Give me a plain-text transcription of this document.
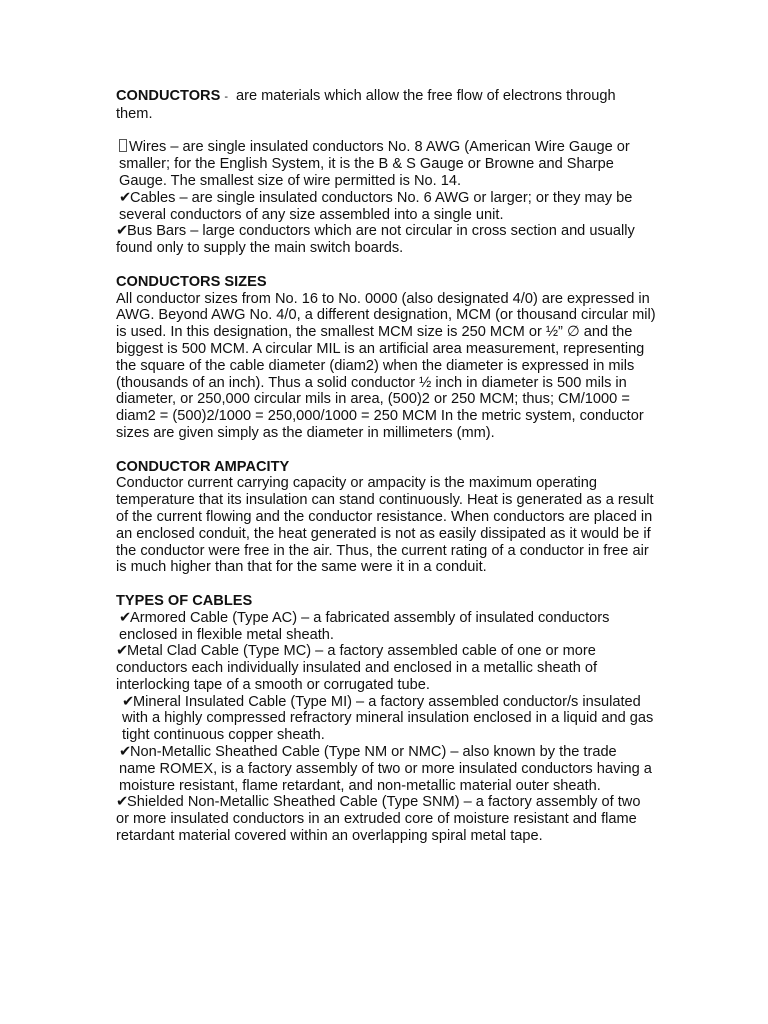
CONDUCTORS - are materials which allow the free flow of electrons through them.

Wires – are single insulated conductors No. 8 AWG (American Wire Gauge or smaller; for the English System, it is the B & S Gauge or Browne and Sharpe Gauge. The smallest size of wire permitted is No. 14.

✔Cables – are single insulated conductors No. 6 AWG or larger; or they may be several conductors of any size assembled into a single unit.

✔Bus Bars – large conductors which are not circular in cross section and usually found only to supply the main switch boards.

CONDUCTORS SIZES

All conductor sizes from No. 16 to No. 0000 (also designated 4/0) are expressed in AWG. Beyond AWG No. 4/0, a different designation, MCM (or thousand circular mil) is used. In this designation, the smallest MCM size is 250 MCM or ½” ∅ and the biggest is 500 MCM. A circular MIL is an artificial area measurement, representing the square of the cable diameter (diam2) when the diameter is expressed in mils (thousands of an inch). Thus a solid conductor ½ inch in diameter is 500 mils in diameter, or 250,000 circular mils in area, (500)2 or 250 MCM; thus; CM/1000 = diam2 = (500)2/1000 = 250,000/1000 = 250 MCM In the metric system, conductor sizes are given simply as the diameter in millimeters (mm).

CONDUCTOR AMPACITY

Conductor current carrying capacity or ampacity is the maximum operating temperature that its insulation can stand continuously. Heat is generated as a result of the current flowing and the conductor resistance. When conductors are placed in an enclosed conduit, the heat generated is not as easily dissipated as it would be if the conductor were free in the air. Thus, the current rating of a conductor in free air is much higher than that for the same were it in a conduit.

TYPES OF CABLES

✔Armored Cable (Type AC) – a fabricated assembly of insulated conductors enclosed in flexible metal sheath.

✔Metal Clad Cable (Type MC) – a factory assembled cable of one or more conductors each individually insulated and enclosed in a metallic sheath of interlocking tape of a smooth or corrugated tube.

✔Mineral Insulated Cable (Type MI) – a factory assembled conductor/s insulated with a highly compressed refractory mineral insulation enclosed in a liquid and gas tight continuous copper sheath.

✔Non-Metallic Sheathed Cable (Type NM or NMC) – also known by the trade name ROMEX, is a factory assembly of two or more insulated conductors having a moisture resistant, flame retardant, and non-metallic material outer sheath.

✔Shielded Non-Metallic Sheathed Cable (Type SNM) – a factory assembly of two or more insulated conductors in an extruded core of moisture resistant and flame retardant material covered within an overlapping spiral metal tape.
